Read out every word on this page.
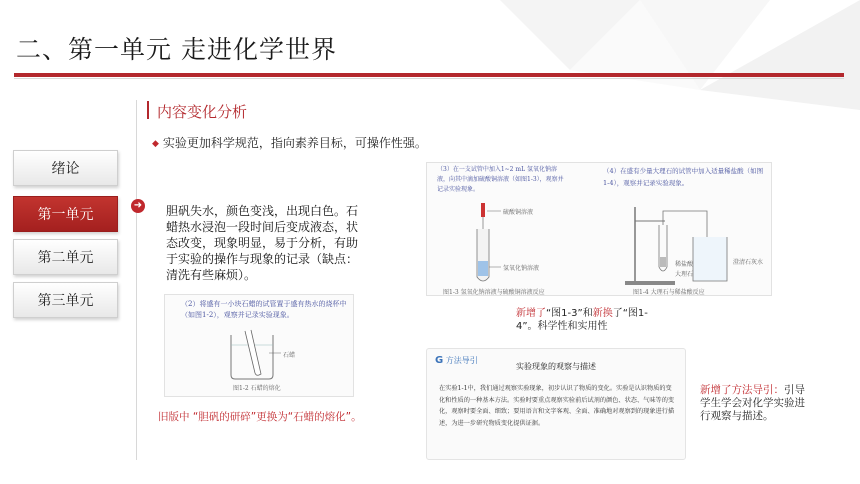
二、第一单元 走进化学世界
内容变化分析
◆ 实验更加科学规范，指向素养目标，可操作性强。
绪论
第一单元
第二单元
第三单元
➜ 胆矾失水，颜色变浅，出现白色。石蜡热水浸泡一段时间后变成液态，状态改变，现象明显，易于分析，有助于实验的操作与现象的记录（缺点：清洗有些麻烦）。
（2）将盛有一小块石蜡的试管置于盛有热水的烧杯中（如图1-2），观察并记录实验现象。
石蜡
图1-2 石蜡的熔化
旧版中 “胆矾的研碎”更换为“石蜡的熔化”。
（3）在一支试管中加入1~2 mL 氢氧化钠溶液，向其中滴加硫酸铜溶液（如图1-3），观察并记录实验现象。
硫酸铜溶液
氢氧化钠溶液
图1-3 氢氧化钠溶液与硫酸铜溶液反应
（4）在盛有少量大理石的试管中加入适量稀盐酸（如图1-4），观察并记录实验现象。
稀盐酸
大理石
澄清石灰水
图1-4 大理石与稀盐酸反应
新增了“图1-3”和新换了“图1-4”。科学性和实用性
G 方法导引
实验现象的观察与描述
在实验1-1中，我们通过观察实验现象，初步认识了物质的变化。实验是认识物质的变化和性质的一种基本方法。实验时要重点观察实验前后试剂的颜色、状态、气味等的变化，观察时要全面、细致；要用语言和文字客观、全面、准确地对观察到的现象进行描述，为进一步研究物质变化提供证据。
新增了方法导引：引导学生学会对化学实验进行观察与描述。
